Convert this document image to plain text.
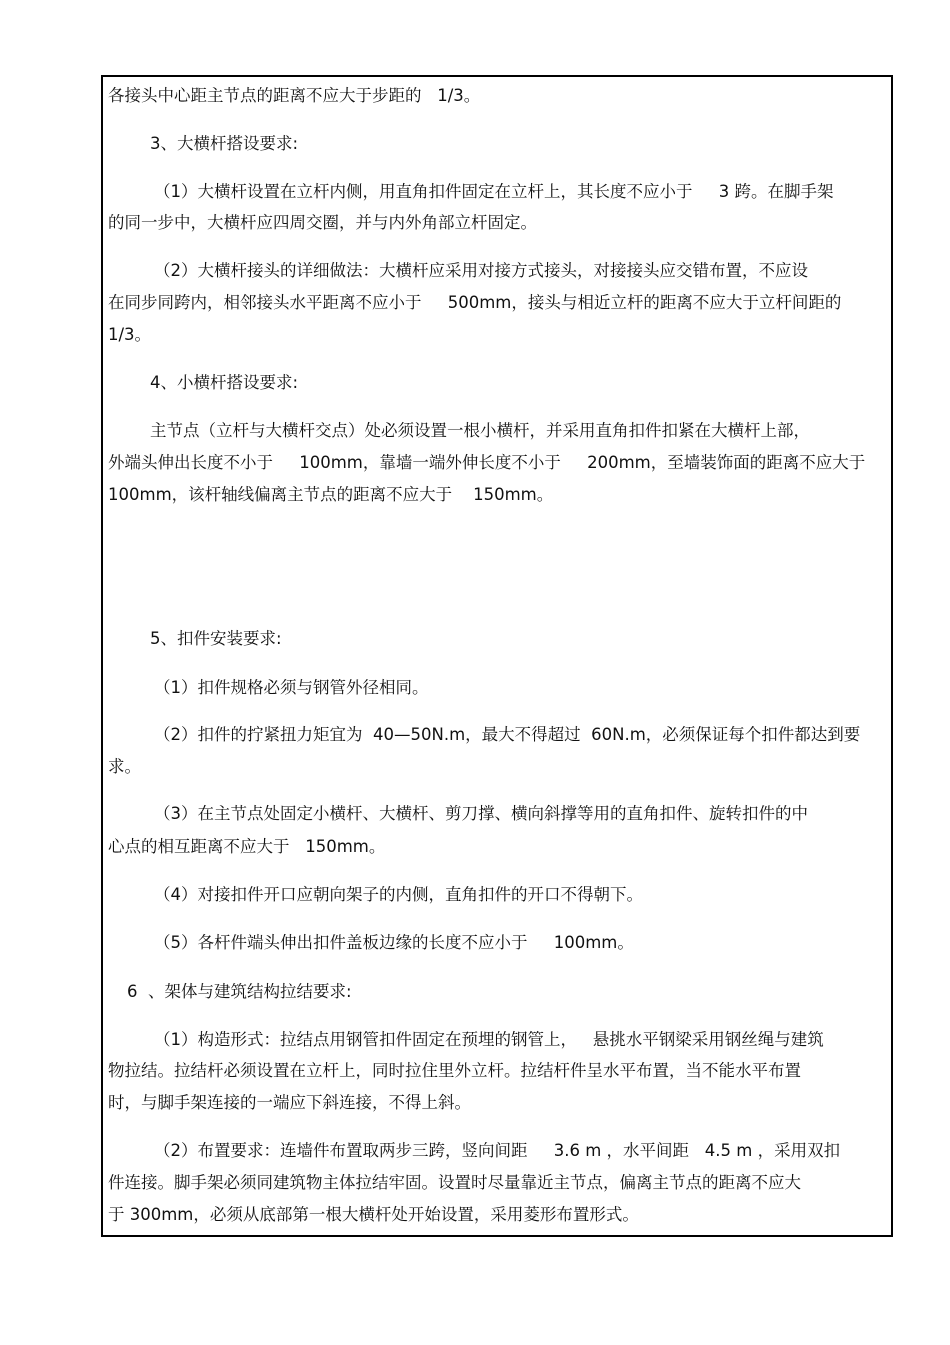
各接头中心距主节点的距离不应大于步距的   1/3。

3、大横杆搭设要求:

（1）大横杆设置在立杆内侧，用直角扣件固定在立杆上，其长度不应小于     3 跨。在脚手架

的同一步中，大横杆应四周交圈，并与内外角部立杆固定。

（2）大横杆接头的详细做法：大横杆应采用对接方式接头，对接接头应交错布置，不应设

在同步同跨内，相邻接头水平距离不应小于     500mm，接头与相近立杆的距离不应大于立杆间距的

1/3。

4、小横杆搭设要求:

主节点（立杆与大横杆交点）处必须设置一根小横杆，并采用直角扣件扣紧在大横杆上部，

外端头伸出长度不小于     100mm，靠墙一端外伸长度不小于     200mm，至墙装饰面的距离不应大于

100mm，该杆轴线偏离主节点的距离不应大于    150mm。

5、扣件安装要求:

（1）扣件规格必须与钢管外径相同。

（2）扣件的拧紧扭力矩宜为  40—50N.m，最大不得超过  60N.m，必须保证每个扣件都达到要

求。

（3）在主节点处固定小横杆、大横杆、剪刀撑、横向斜撑等用的直角扣件、旋转扣件的中

心点的相互距离不应大于   150mm。

（4）对接扣件开口应朝向架子的内侧，直角扣件的开口不得朝下。

（5）各杆件端头伸出扣件盖板边缘的长度不应小于     100mm。

6  、架体与建筑结构拉结要求:

（1）构造形式：拉结点用钢管扣件固定在预埋的钢管上，   悬挑水平钢梁采用钢丝绳与建筑

物拉结。拉结杆必须设置在立杆上，同时拉住里外立杆。拉结杆件呈水平布置，当不能水平布置

时，与脚手架连接的一端应下斜连接，不得上斜。

（2）布置要求：连墙件布置取两步三跨，竖向间距     3.6 m ，水平间距   4.5 m ，采用双扣

件连接。脚手架必须同建筑物主体拉结牢固。设置时尽量靠近主节点，偏离主节点的距离不应大

于 300mm，必须从底部第一根大横杆处开始设置，采用菱形布置形式。
